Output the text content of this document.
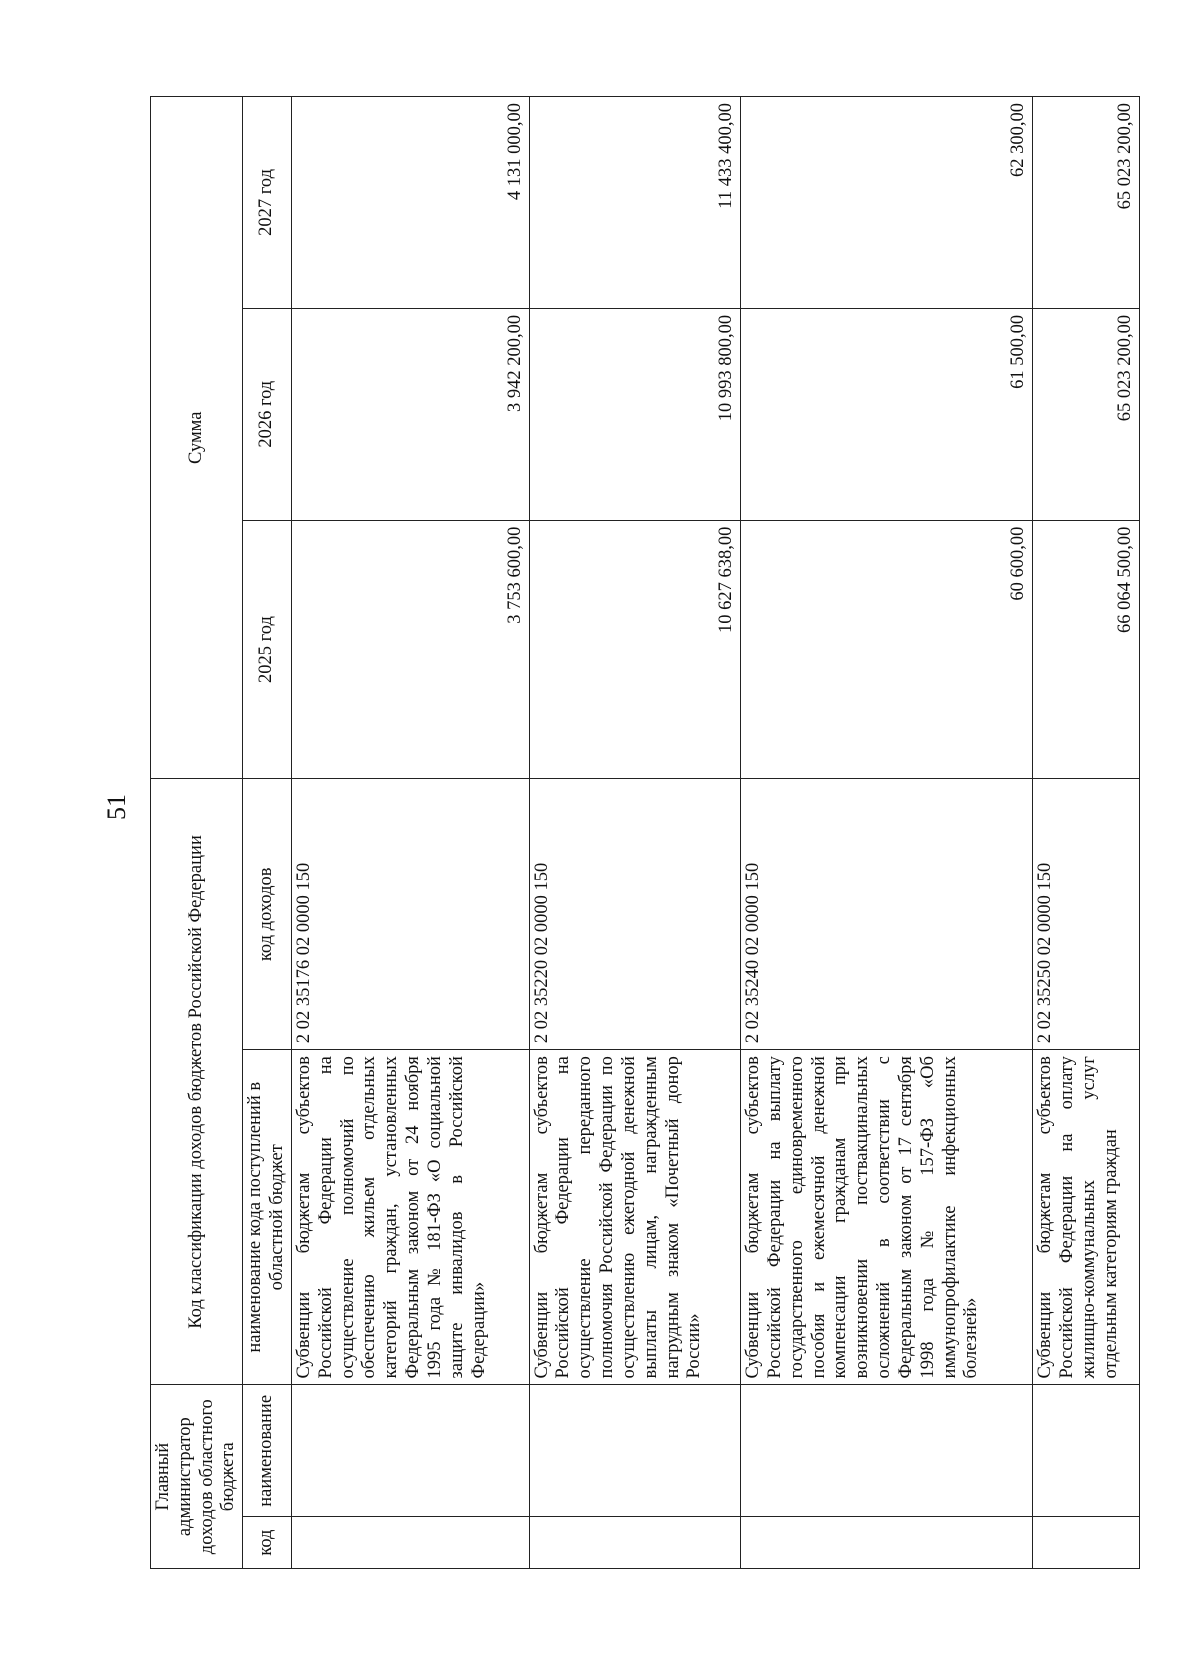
51
Главный администратор доходов областного бюджета		Код классификации доходов бюджетов Российской Федерации		Сумма		
код	наименование	наименование кода поступлений в областной бюджет	код доходов	2025 год	2026 год	2027 год
		Субвенции бюджетам субъектов Российской Федерации на осуществление полномочий по обеспечению жильем отдельных категорий граждан, установленных Федеральным законом от 24 ноября 1995 года № 181-ФЗ «О социальной защите инвалидов в Российской Федерации»	2 02 35176 02 0000 150	3 753 600,00	3 942 200,00	4 131 000,00
		Субвенции бюджетам субъектов Российской Федерации на осуществление переданного полномочия Российской Федерации по осуществлению ежегодной денежной выплаты лицам, награжденным нагрудным знаком «Почетный донор России»	2 02 35220 02 0000 150	10 627 638,00	10 993 800,00	11 433 400,00
		Субвенции бюджетам субъектов Российской Федерации на выплату государственного единовременного пособия и ежемесячной денежной компенсации гражданам при возникновении поствакцинальных осложнений в соответствии с Федеральным законом от 17 сентября 1998 года № 157-ФЗ «Об иммунопрофилактике инфекционных болезней»	2 02 35240 02 0000 150	60 600,00	61 500,00	62 300,00
		Субвенции бюджетам субъектов Российской Федерации на оплату жилищно-коммунальных услуг отдельным категориям граждан	2 02 35250 02 0000 150	66 064 500,00	65 023 200,00	65 023 200,00
